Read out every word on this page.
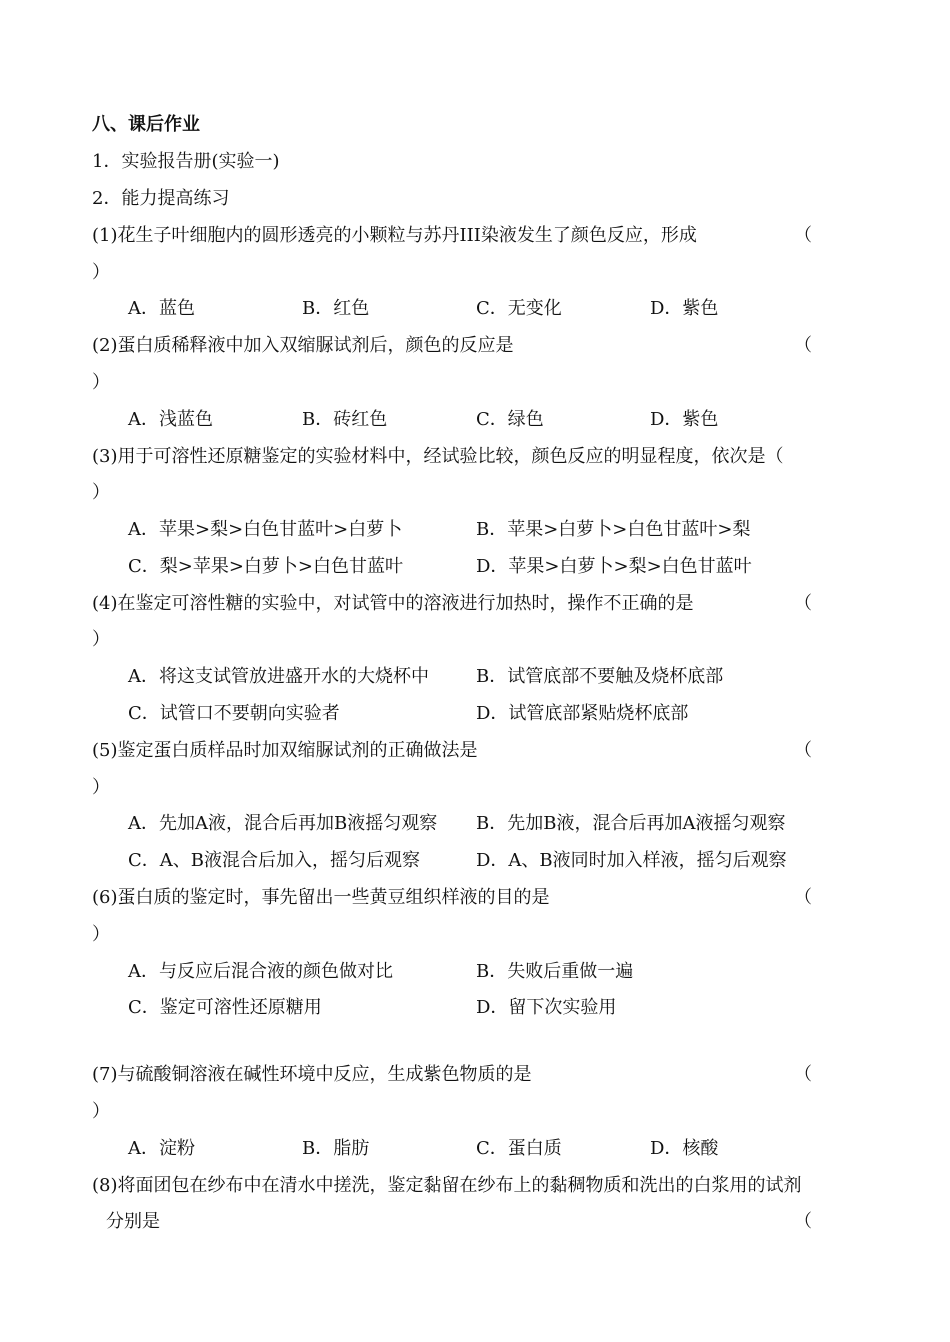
八、课后作业
1．实验报告册(实验一)
2．能力提高练习
(1)花生子叶细胞内的圆形透亮的小颗粒与苏丹III染液发生了颜色反应，形成	（
）
A．蓝色	B．红色	C．无变化	D．紫色
(2)蛋白质稀释液中加入双缩脲试剂后，颜色的反应是	（
）
A．浅蓝色	B．砖红色	C．绿色	D．紫色
(3)用于可溶性还原糖鉴定的实验材料中，经试验比较，颜色反应的明显程度，依次是（
）
A．苹果>梨>白色甘蓝叶>白萝卜	B．苹果>白萝卜>白色甘蓝叶>梨
C．梨>苹果>白萝卜>白色甘蓝叶	D．苹果>白萝卜>梨>白色甘蓝叶
(4)在鉴定可溶性糖的实验中，对试管中的溶液进行加热时，操作不正确的是	（
）
A．将这支试管放进盛开水的大烧杯中	B．试管底部不要触及烧杯底部
C．试管口不要朝向实验者	D．试管底部紧贴烧杯底部
(5)鉴定蛋白质样品时加双缩脲试剂的正确做法是	（
）
A．先加A液，混合后再加B液摇匀观察 B．先加B液，混合后再加A液摇匀观察
C．A、B液混合后加入，摇匀后观察	D．A、B液同时加入样液，摇匀后观察
(6)蛋白质的鉴定时，事先留出一些黄豆组织样液的目的是	（
）
A．与反应后混合液的颜色做对比	B．失败后重做一遍
C．鉴定可溶性还原糖用	D．留下次实验用
(7)与硫酸铜溶液在碱性环境中反应，生成紫色物质的是	（
）
A．淀粉	B．脂肪	C．蛋白质	D．核酸
(8)将面团包在纱布中在清水中搓洗，鉴定黏留在纱布上的黏稠物质和洗出的白浆用的试剂
分别是	（
